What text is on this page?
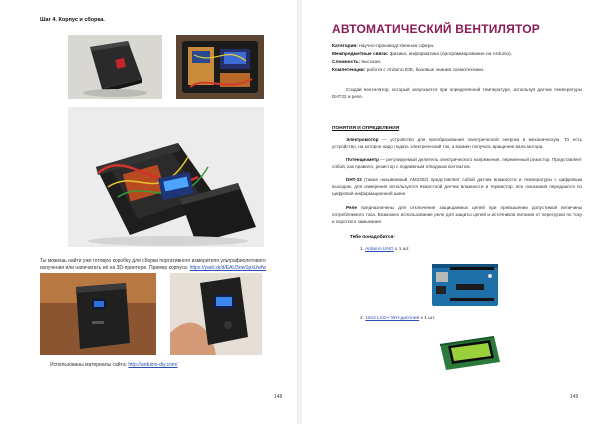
Шаг 4. Корпус и сборка.
Ты можешь найти уже готовую коробку для сборки портативного измерителя ультрафиолетового излучения или напечатать её на 3D-принтере. Пример корпуса: https://yadi.sk/d/EAU3owSpxUwfw
Использованы материалы сайта: http://arduino-diy.com/
148
АВТОМАТИЧЕСКИЙ ВЕНТИЛЯТОР
Категория: научно-производственная сфера.
Межпредметные связи: физика, информатика (программирование на Arduino).
Сложность: высокая.
Компетенции: работа с Arduino IDE, базовые знания схемотехники.
Создай вентилятор, который запускается при определённой температуре, используя датчик температуры DHT22 и реле.
ПОНЯТИЯ И ОПРЕДЕЛЕНИЯ
Электромотор — устройство для преобразования электрической энергии в механическую. То есть устройство, на которое надо подать электрический ток, а взамен получить вращение вала мотора.
Потенциометр — регулируемый делитель электрического напряжения, переменный резистор. Представляет собой, как правило, резистор с подвижным отводным контактом.
DHT-22 (также называемый AM2302) представляет собой датчик влажности и температуры с цифровым выходом, для измерения используется ёмкостной датчик влажности и термистор, все показания передаются по цифровой информационной шине.
Реле предназначены для отключения защищаемых цепей при превышении допустимой величины потребляемого тока. Возможно использование реле для защиты цепей и источников питания от перегрузки по току и короткого замыкания.
Тебе понадобится:
1. Arduino UNO x 1 шт.
2. 16x2 LCD-/ WH-дисплей x 1 шт.
149
